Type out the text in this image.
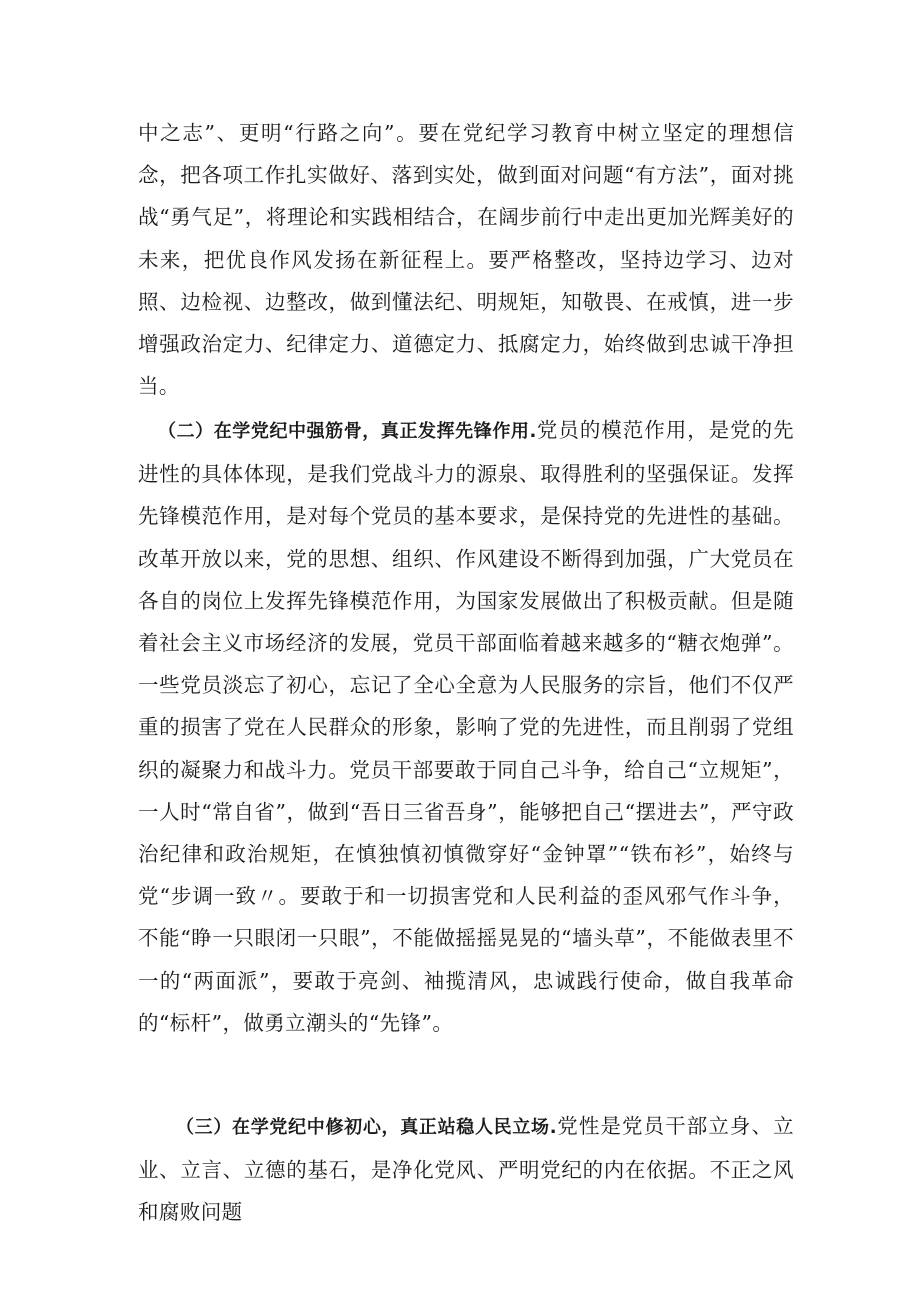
中之志”、更明“行路之向”。要在党纪学习教育中树立坚定的理想信念，把各项工作扎实做好、落到实处，做到面对问题“有方法”，面对挑战“勇气足”，将理论和实践相结合，在阔步前行中走出更加光辉美好的未来，把优良作风发扬在新征程上。要严格整改，坚持边学习、边对照、边检视、边整改，做到懂法纪、明规矩，知敬畏、在戒慎，进一步增强政治定力、纪律定力、道德定力、抵腐定力，始终做到忠诚干净担当。

（二）在学党纪中强筋骨，真正发挥先锋作用.党员的模范作用，是党的先进性的具体体现，是我们党战斗力的源泉、取得胜利的坚强保证。发挥先锋模范作用，是对每个党员的基本要求，是保持党的先进性的基础。改革开放以来，党的思想、组织、作风建设不断得到加强，广大党员在各自的岗位上发挥先锋模范作用，为国家发展做出了积极贡献。但是随着社会主义市场经济的发展，党员干部面临着越来越多的“糖衣炮弹”。一些党员淡忘了初心，忘记了全心全意为人民服务的宗旨，他们不仅严重的损害了党在人民群众的形象，影响了党的先进性，而且削弱了党组织的凝聚力和战斗力。党员干部要敢于同自己斗争，给自己“立规矩”，一人时“常自省”，做到“吾日三省吾身”，能够把自己“摆进去”，严守政治纪律和政治规矩，在慎独慎初慎微穿好“金钟罩”“铁布衫”，始终与党“步调一致〃。要敢于和一切损害党和人民利益的歪风邪气作斗争，不能“睁一只眼闭一只眼”，不能做摇摇晃晃的“墙头草”，不能做表里不一的“两面派”，要敢于亮剑、袖揽清风，忠诚践行使命，做自我革命的“标杆”，做勇立潮头的“先锋”。

（三）在学党纪中修初心，真正站稳人民立场.党性是党员干部立身、立业、立言、立德的基石，是净化党风、严明党纪的内在依据。不正之风和腐败问题
